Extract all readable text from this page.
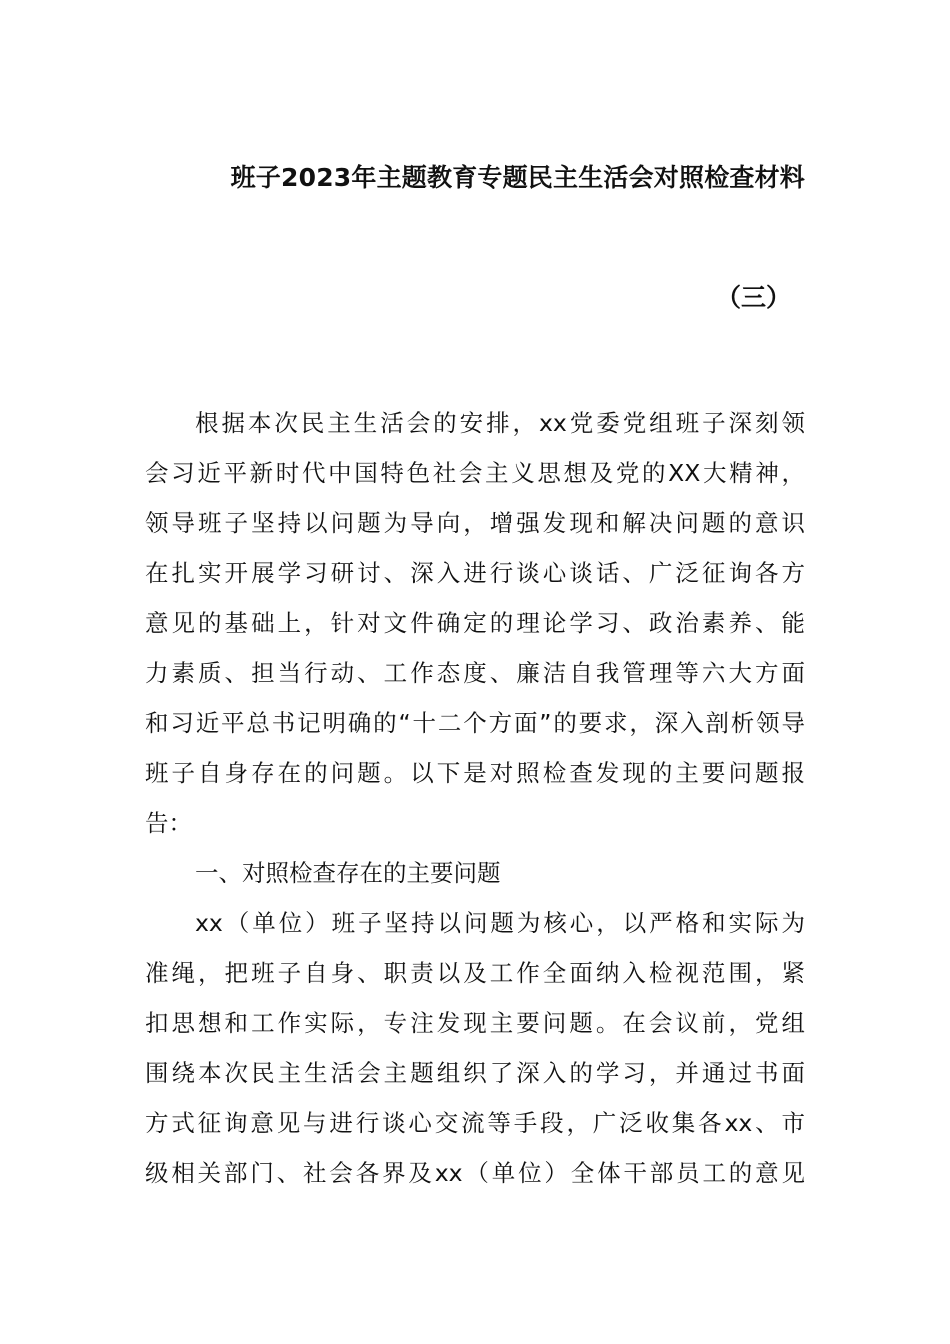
班子2023年主题教育专题民主生活会对照检查材料
（三）
根据本次民主生活会的安排，xx党委党组班子深刻领
会习近平新时代中国特色社会主义思想及党的XX大精神，
领导班子坚持以问题为导向，增强发现和解决问题的意识
在扎实开展学习研讨、深入进行谈心谈话、广泛征询各方
意见的基础上，针对文件确定的理论学习、政治素养、能
力素质、担当行动、工作态度、廉洁自我管理等六大方面
和习近平总书记明确的“十二个方面”的要求，深入剖析领导
班子自身存在的问题。以下是对照检查发现的主要问题报
告：
一、对照检查存在的主要问题
xx（单位）班子坚持以问题为核心，以严格和实际为
准绳，把班子自身、职责以及工作全面纳入检视范围，紧
扣思想和工作实际，专注发现主要问题。在会议前，党组
围绕本次民主生活会主题组织了深入的学习，并通过书面
方式征询意见与进行谈心交流等手段，广泛收集各xx、市
级相关部门、社会各界及xx（单位）全体干部员工的意见
